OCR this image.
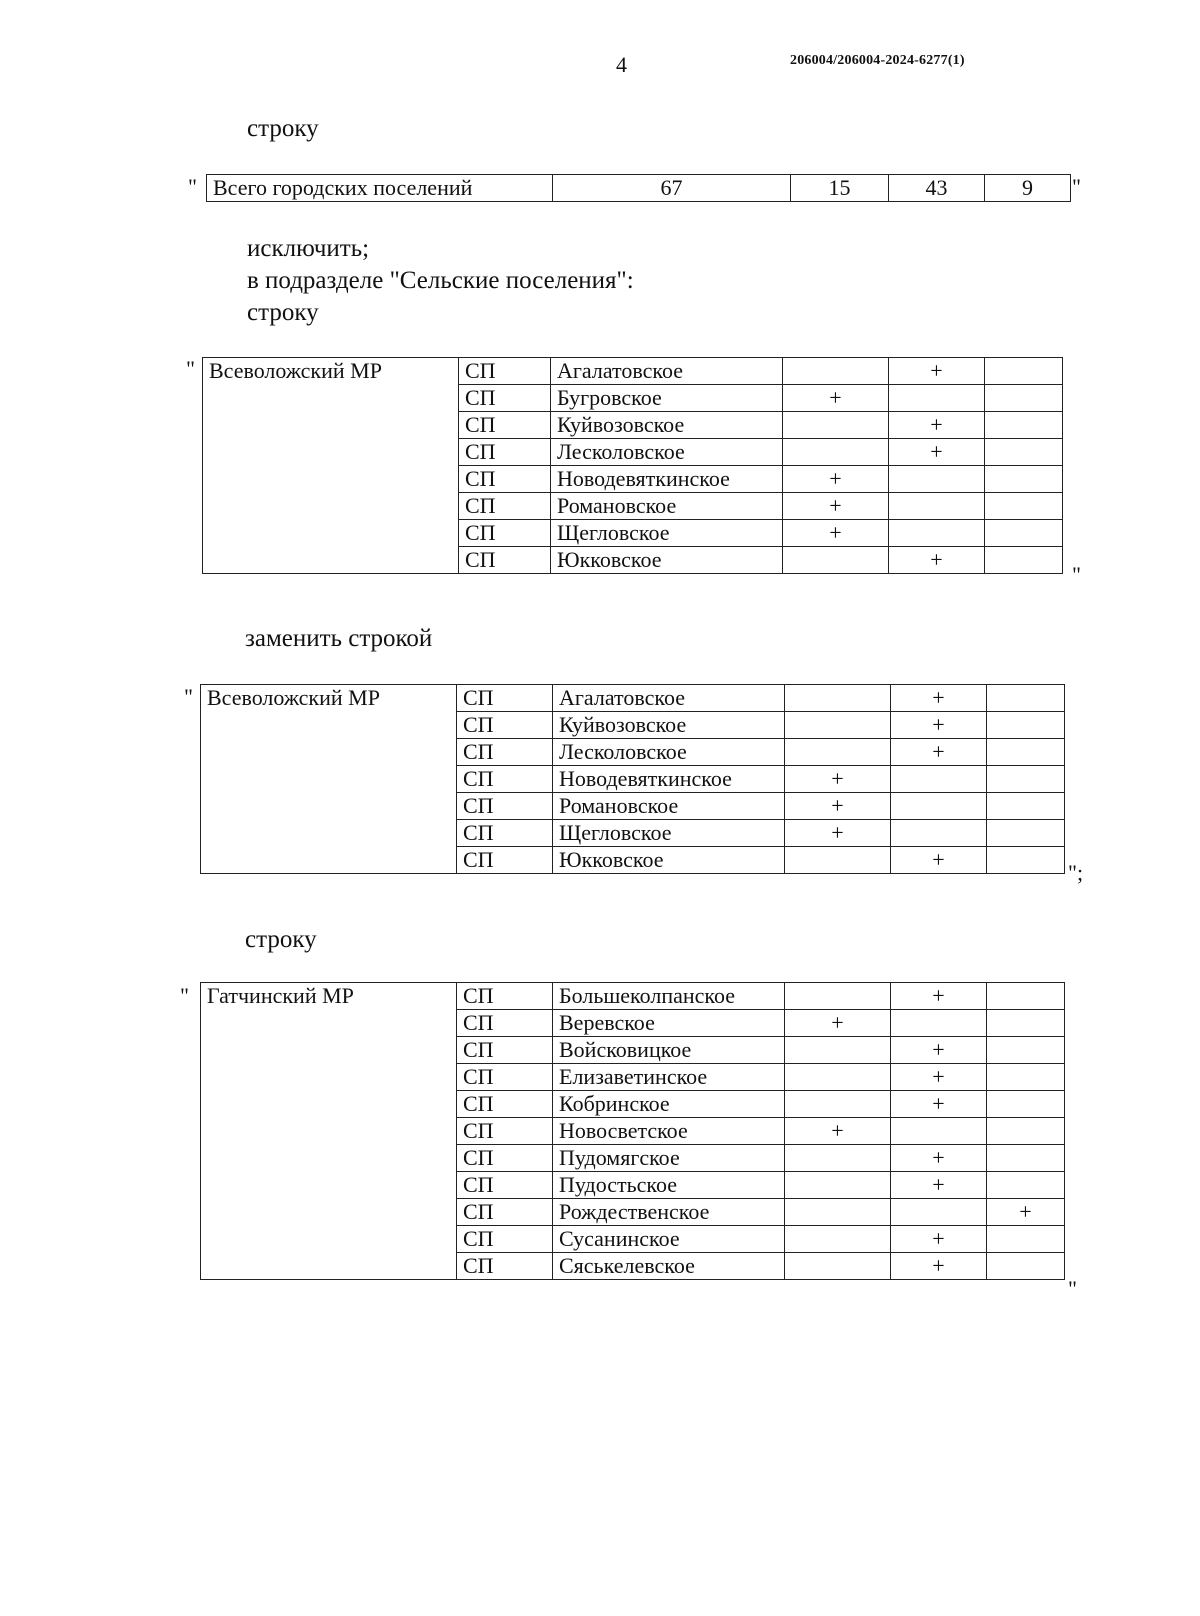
4	206004/206004-2024-6277(1)
строку
" Всего городских поселений	67	15	43	9 "
исключить;
в подразделе "Сельские поселения":
строку
" Всеволожский МР	СП	Агалатовское		+	
	СП	Бугровское	+		
	СП	Куйвозовское		+	
	СП	Лесколовское		+	
	СП	Новодевяткинское	+		
	СП	Романовское	+		
	СП	Щегловское	+		
	СП	Юкковское		+	
"
заменить строкой
" Всеволожский МР	СП	Агалатовское		+	
	СП	Куйвозовское		+	
	СП	Лесколовское		+	
	СП	Новодевяткинское	+		
	СП	Романовское	+		
	СП	Щегловское	+		
	СП	Юкковское		+	
";
строку
" Гатчинский МР	СП	Большеколпанское		+	
	СП	Веревское	+		
	СП	Войсковицкое		+	
	СП	Елизаветинское		+	
	СП	Кобринское		+	
	СП	Новосветское	+		
	СП	Пудомягское		+	
	СП	Пудостьское		+	
	СП	Рождественское			+
	СП	Сусанинское		+	
	СП	Сяськелевское		+	
"
